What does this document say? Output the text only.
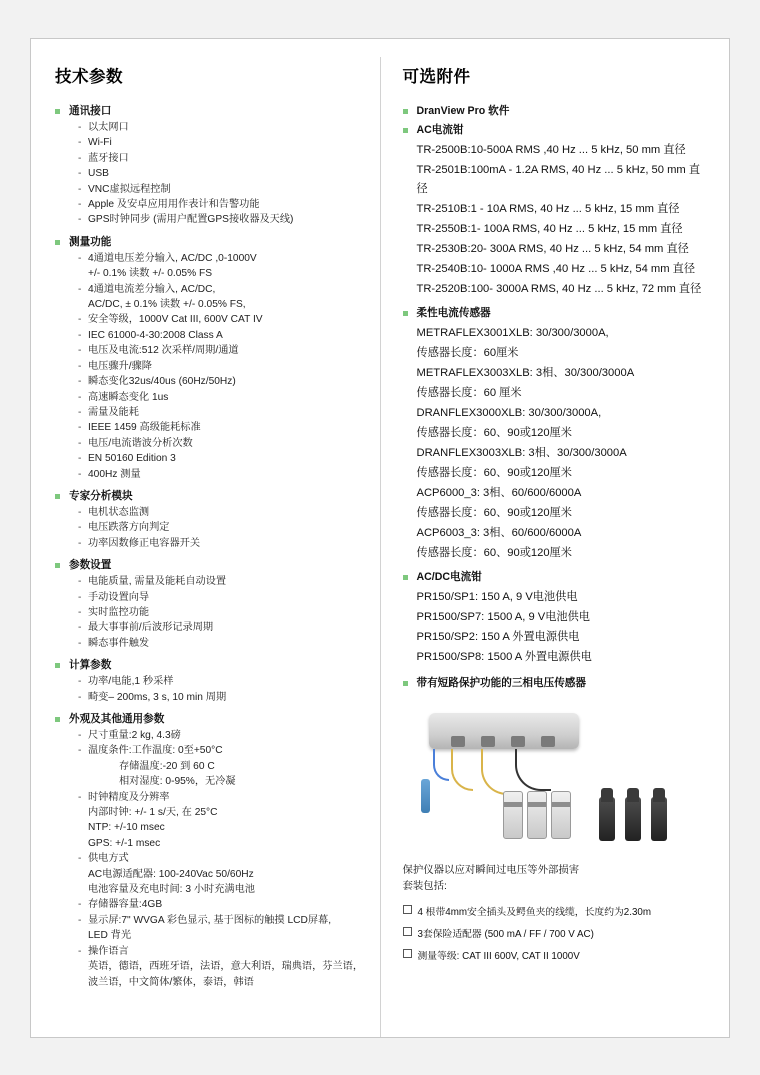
技术参数
通讯接口
- 以太网口
- Wi-Fi
- 蓝牙接口
- USB
- VNC虚拟远程控制
- Apple 及安卓应用用作表计和告警功能
- GPS时钟同步 (需用户配置GPS接收器及天线)
测量功能
- 4通道电压差分输入, AC/DC ,0-1000V
+/- 0.1% 读数 +/- 0.05% FS
- 4通道电流差分输入, AC/DC,
AC/DC, ± 0.1% 读数 +/- 0.05% FS,
- 安全等级，1000V Cat III, 600V CAT IV
- IEC 61000-4-30:2008 Class A
- 电压及电流:512 次采样/周期/通道
- 电压骤升/骤降
- 瞬态变化32us/40us (60Hz/50Hz)
- 高速瞬态变化 1us
- 需量及能耗
- IEEE 1459 高级能耗标准
- 电压/电流谐波分析次数
- EN 50160 Edition 3
- 400Hz 测量
专家分析模块
- 电机状态监测
- 电压跌落方向判定
- 功率因数修正电容器开关
参数设置
- 电能质量, 需量及能耗自动设置
- 手动设置向导
- 实时监控功能
- 最大事事前/后波形记录周期
- 瞬态事件触发
计算参数
- 功率/电能,1 秒采样
- 畸变– 200ms, 3 s, 10 min 周期
外观及其他通用参数
- 尺寸重量:2 kg, 4.3磅
- 温度条件:工作温度: 0至+50°C
存储温度:-20 到 60 C
相对湿度: 0-95%，无冷凝
- 时钟精度及分辨率
内部时钟: +/- 1 s/天, 在 25°C
NTP: +/-10 msec
GPS: +/-1 msec
- 供电方式
AC电源适配器: 100-240Vac 50/60Hz
电池容量及充电时间: 3 小时充满电池
- 存储器容量:4GB
- 显示屏:7" WVGA 彩色显示, 基于图标的触摸 LCD屏幕,
LED 背光
- 操作语言
英语，德语，西班牙语，法语，意大利语，瑞典语，芬兰语，
波兰语，中文简体/繁体，泰语，韩语
可选附件
DranView Pro 软件
AC电流钳
TR-2500B:10-500A RMS ,40 Hz ... 5 kHz, 50 mm 直径
TR-2501B:100mA - 1.2A RMS, 40 Hz ... 5 kHz, 50 mm 直径
TR-2510B:1 - 10A RMS, 40 Hz ... 5 kHz, 15 mm 直径
TR-2550B:1- 100A RMS, 40 Hz ... 5 kHz, 15 mm 直径
TR-2530B:20- 300A RMS, 40 Hz ... 5 kHz, 54 mm 直径
TR-2540B:10- 1000A RMS ,40 Hz ... 5 kHz, 54 mm 直径
TR-2520B:100- 3000A RMS, 40 Hz ... 5 kHz, 72 mm 直径
柔性电流传感器
METRAFLEX3001XLB: 30/300/3000A,
传感器长度：60厘米
METRAFLEX3003XLB: 3相、30/300/3000A
传感器长度：60 厘米
DRANFLEX3000XLB: 30/300/3000A,
传感器长度：60、90或120厘米
DRANFLEX3003XLB: 3相、30/300/3000A
传感器长度：60、90或120厘米
ACP6000_3: 3相、60/600/6000A
传感器长度：60、90或120厘米
ACP6003_3: 3相、60/600/6000A
传感器长度：60、90或120厘米
AC/DC电流钳
PR150/SP1: 150 A, 9 V电池供电
PR1500/SP7: 1500 A, 9 V电池供电
PR150/SP2: 150 A 外置电源供电
PR1500/SP8: 1500 A 外置电源供电
带有短路保护功能的三相电压传感器
保护仪器以应对瞬间过电压等外部损害
套装包括:
4 根带4mm安全插头及鳄鱼夹的线缆，长度约为2.30m
3套保险适配器 (500 mA / FF / 700 V AC)
测量等级: CAT III 600V, CAT II 1000V
